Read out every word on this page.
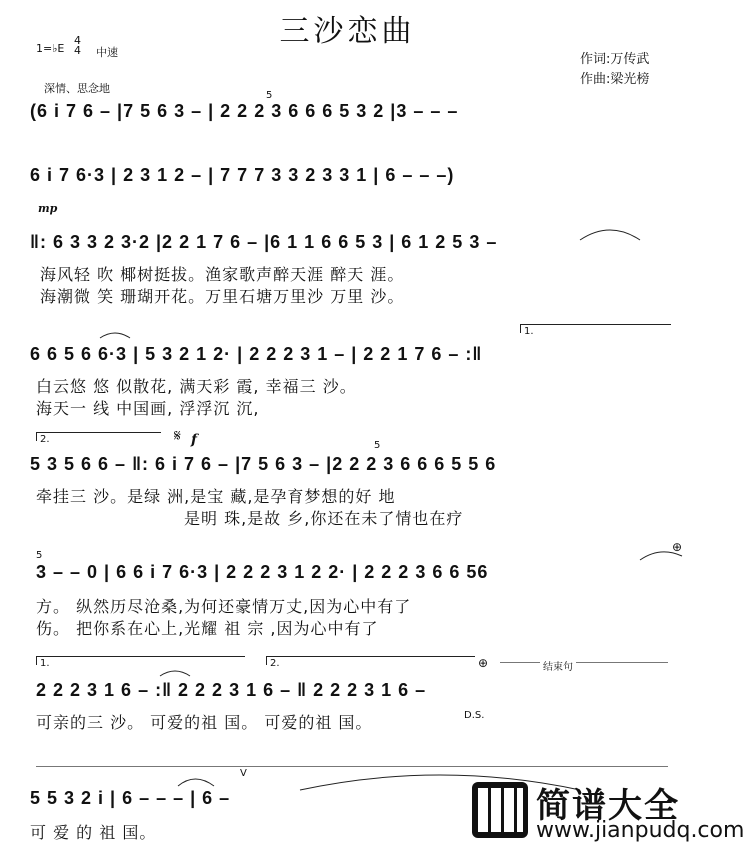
三沙恋曲
1=♭E
4
4 中速
深情、思念地
作词:万传武
作曲:梁光榜
(6 i 7 6 – |7 5 6 3 – | 2 2 2 3 6 6 6 5 3 2 |3 – – –
5
6 i 7 6·3 | 2 3 1 2 – | 7 7 7 3 3 2 3 3 1 | 6 – – –)
mp
‖: 6 3 3 2 3·2 |2 2 1 7 6 – |6 1 1 6 6 5 3 | 6 1 2 5 3 –
海风轻 吹 椰树挺拔。渔家歌声醉天涯 醉天 涯。
海潮微 笑 珊瑚开花。万里石塘万里沙 万里 沙。
1.
6 6 5 6 6·3 | 5 3 2 1 2· | 2 2 2 3 1 – | 2 2 1 7 6 – :‖
白云悠 悠 似散花, 满天彩 霞, 幸福三 沙。
海天一 线 中国画, 浮浮沉 沉,
2.	𝄋 f	5
5 3 5 6 6 – ‖: 6 i 7 6 – |7 5 6 3 – |2 2 2 3 6 6 6 5 5 6
牵挂三 沙。是绿 洲,是宝 藏,是孕育梦想的好 地
是明 珠,是故 乡,你还在未了情也在疗
5
⊕
3 – – 0 | 6 6 i 7 6·3 | 2 2 2 3 1 2 2· | 2 2 2 3 6 6 56
方。 纵然历尽沧桑,为何还豪情万丈,因为心中有了
伤。 把你系在心上,光耀 祖 宗 ,因为心中有了
1.	2.	⊕	结束句
2 2 2 3 1 6 – :‖ 2 2 2 3 1 6 – ‖ 2 2 2 3 1 6 –
D.S.
可亲的三 沙。 可爱的祖 国。 可爱的祖 国。
V
5 5 3 2 i | 6 – – – | 6 –
可 爱 的 祖 国。
简谱大全
www.jianpudq.com
